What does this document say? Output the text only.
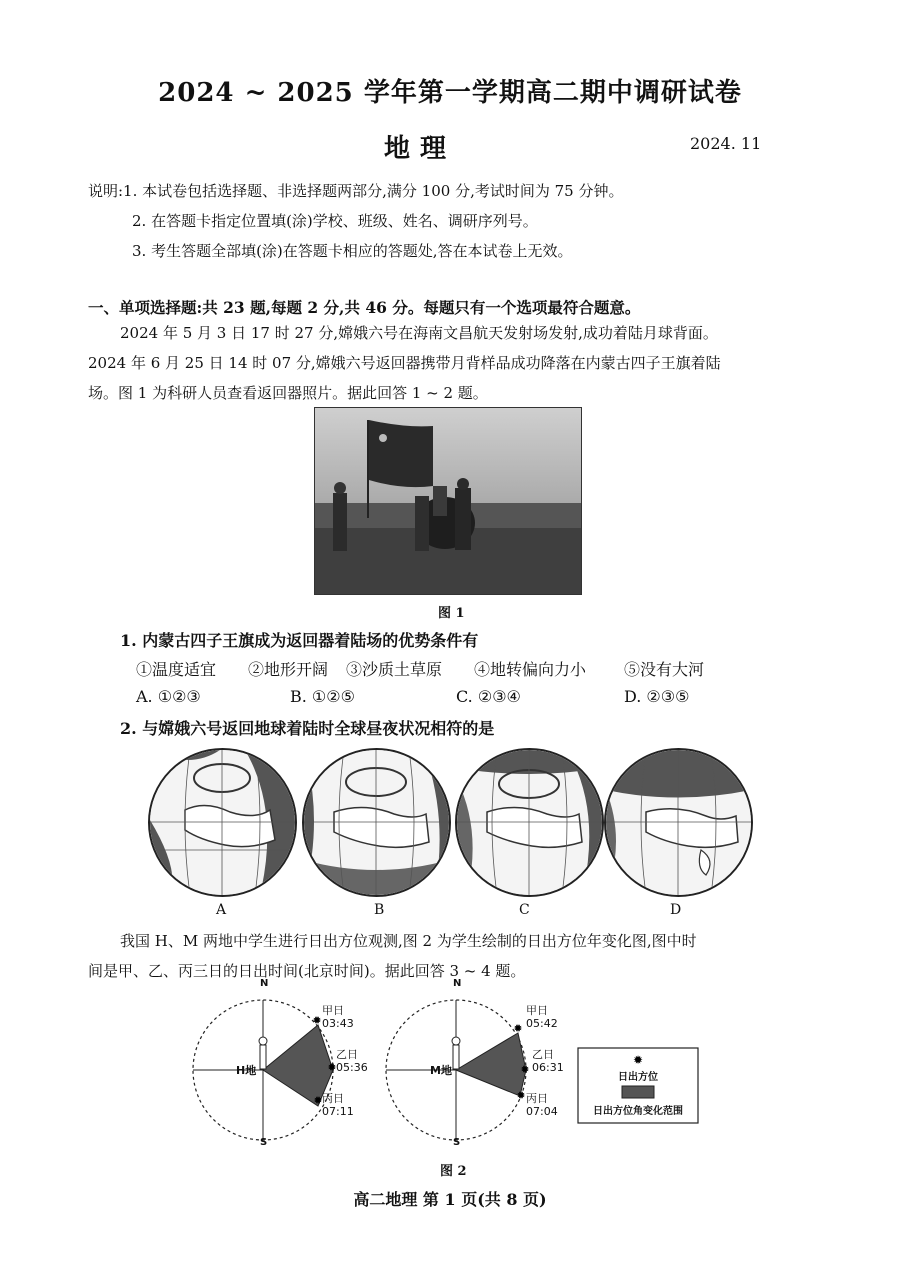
2024 ~ 2025 学年第一学期高二期中调研试卷
地理	2024. 11
说明:1. 本试卷包括选择题、非选择题两部分,满分 100 分,考试时间为 75 分钟。
2. 在答题卡指定位置填(涂)学校、班级、姓名、调研序列号。
3. 考生答题全部填(涂)在答题卡相应的答题处,答在本试卷上无效。
一、单项选择题:共 23 题,每题 2 分,共 46 分。每题只有一个选项最符合题意。
2024 年 5 月 3 日 17 时 27 分,嫦娥六号在海南文昌航天发射场发射,成功着陆月球背面。
2024 年 6 月 25 日 14 时 07 分,嫦娥六号返回器携带月背样品成功降落在内蒙古四子王旗着陆
场。图 1 为科研人员查看返回器照片。据此回答 1 ~ 2 题。
图 1
1. 内蒙古四子王旗成为返回器着陆场的优势条件有
①温度适宜 ②地形开阔 ③沙质土草原 ④地转偏向力小 ⑤没有大河
A. ①②③	B. ①②⑤	C. ②③④	D. ②③⑤
2. 与嫦娥六号返回地球着陆时全球昼夜状况相符的是
A	B	C	D
我国 H、M 两地中学生进行日出方位观测,图 2 为学生绘制的日出方位年变化图,图中时
间是甲、乙、丙三日的日出时间(北京时间)。据此回答 3 ~ 4 题。
✹
✹
✹
✹
✹
✹
✹
N
S
H地
甲日
03:43
乙日
05:36
丙日
07:11
N
S
M地
甲日
05:42
乙日
06:31
丙日
07:04
日出方位
日出方位角变化范围
图 2
高二地理 第 1 页(共 8 页)
